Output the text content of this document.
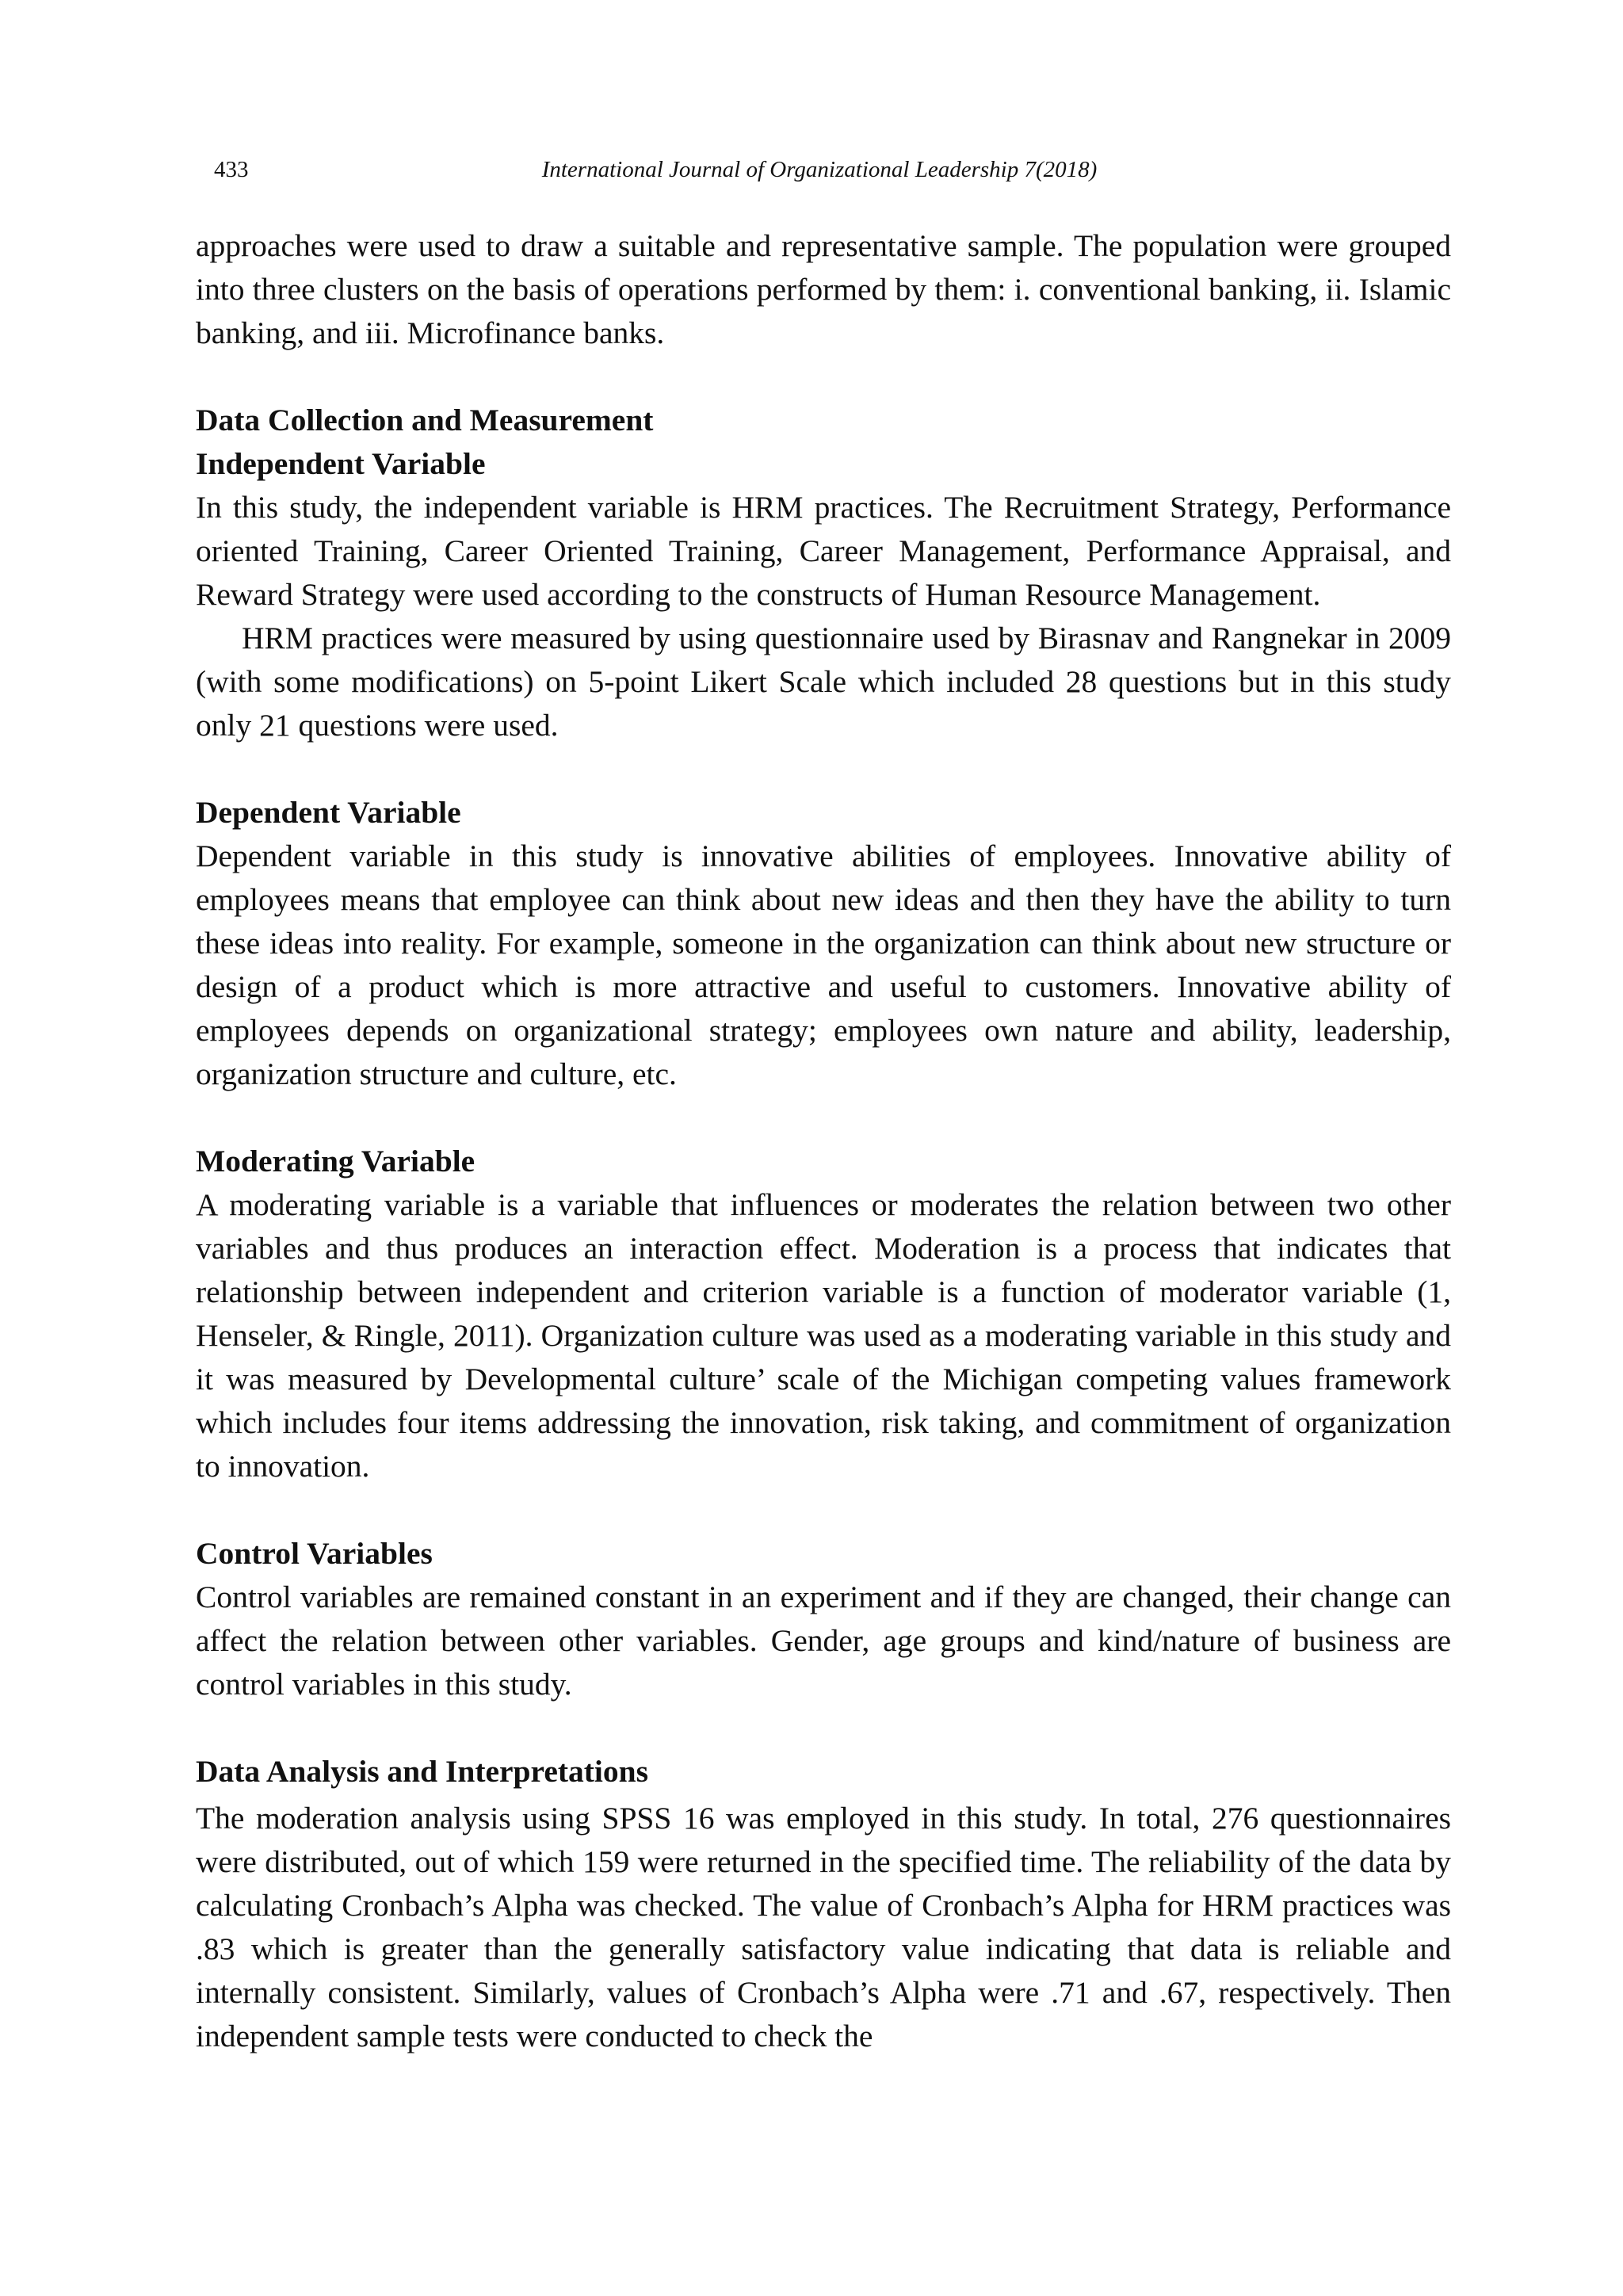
433	International Journal of Organizational Leadership 7(2018)

approaches were used to draw a suitable and representative sample. The population were grouped into three clusters on the basis of operations performed by them: i. conventional banking, ii. Islamic banking, and iii. Microfinance banks.

Data Collection and Measurement
Independent Variable

In this study, the independent variable is HRM practices. The Recruitment Strategy, Performance oriented Training, Career Oriented Training, Career Management, Performance Appraisal, and Reward Strategy were used according to the constructs of Human Resource Management.

HRM practices were measured by using questionnaire used by Birasnav and Rangnekar in 2009 (with some modifications) on 5-point Likert Scale which included 28 questions but in this study only 21 questions were used.

Dependent Variable

Dependent variable in this study is innovative abilities of employees. Innovative ability of employees means that employee can think about new ideas and then they have the ability to turn these ideas into reality. For example, someone in the organization can think about new structure or design of a product which is more attractive and useful to customers. Innovative ability of employees depends on organizational strategy; employees own nature and ability, leadership, organization structure and culture, etc.

Moderating Variable

A moderating variable is a variable that influences or moderates the relation between two other variables and thus produces an interaction effect. Moderation is a process that indicates that relationship between independent and criterion variable is a function of moderator variable (1, Henseler, & Ringle, 2011). Organization culture was used as a moderating variable in this study and it was measured by Developmental culture’ scale of the Michigan competing values framework which includes four items addressing the innovation, risk taking, and commitment of organization to innovation.

Control Variables

Control variables are remained constant in an experiment and if they are changed, their change can affect the relation between other variables. Gender, age groups and kind/nature of business are control variables in this study.

Data Analysis and Interpretations

The moderation analysis using SPSS 16 was employed in this study. In total, 276 questionnaires were distributed, out of which 159 were returned in the specified time. The reliability of the data by calculating Cronbach’s Alpha was checked. The value of Cronbach’s Alpha for HRM practices was .83 which is greater than the generally satisfactory value indicating that data is reliable and internally consistent. Similarly, values of Cronbach’s Alpha were .71 and .67, respectively. Then independent sample tests were conducted to check the
